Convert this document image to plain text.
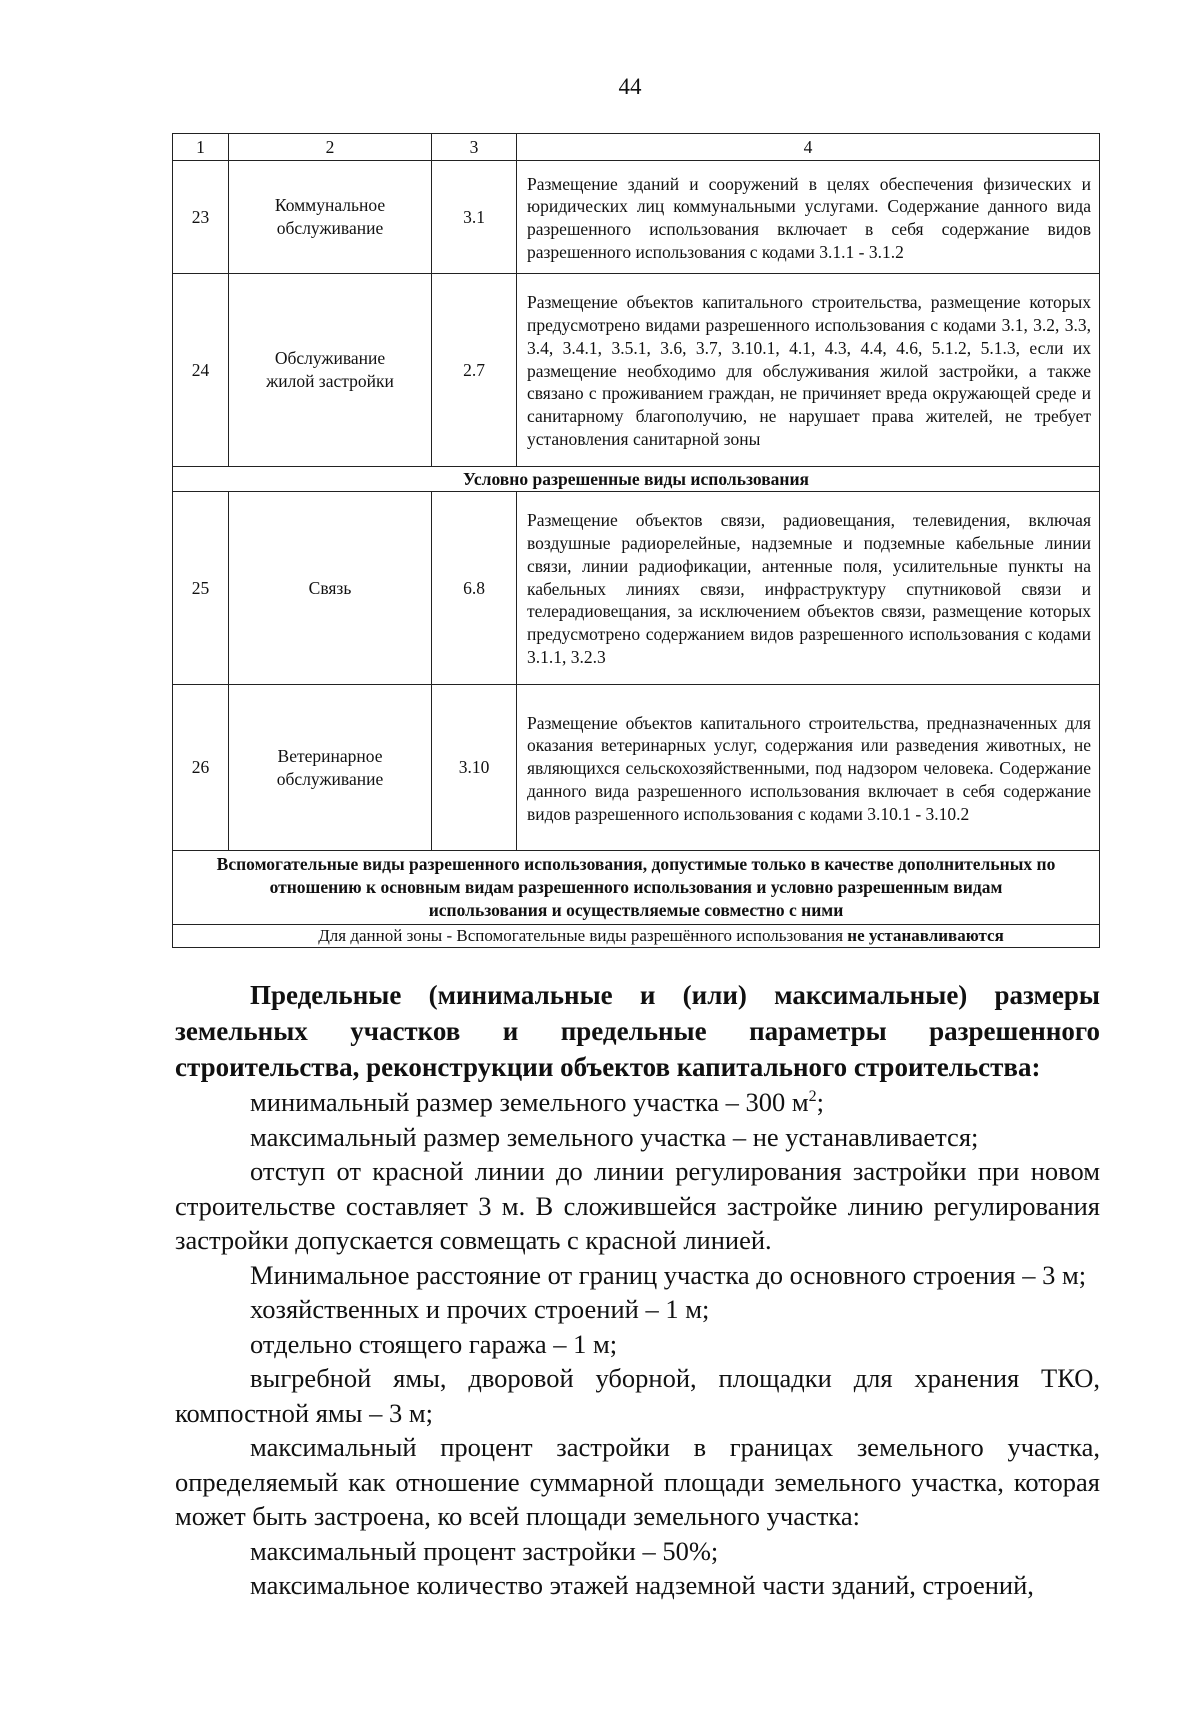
44
1	2	3	4
23	Коммунальное обслуживание	3.1	Размещение зданий и сооружений в целях обеспечения физических и юридических лиц коммунальными услугами. Содержание данного вида разрешенного использования включает в себя содержание видов разрешенного использования с кодами 3.1.1 - 3.1.2
24	Обслуживание жилой застройки	2.7	Размещение объектов капитального строительства, размещение которых предусмотрено видами разрешенного использования с кодами 3.1, 3.2, 3.3, 3.4, 3.4.1, 3.5.1, 3.6, 3.7, 3.10.1, 4.1, 4.3, 4.4, 4.6, 5.1.2, 5.1.3, если их размещение необходимо для обслуживания жилой застройки, а также связано с проживанием граждан, не причиняет вреда окружающей среде и санитарному благополучию, не нарушает права жителей, не требует установления санитарной зоны
Условно разрешенные виды использования			
25	Связь	6.8	Размещение объектов связи, радиовещания, телевидения, включая воздушные радиорелейные, надземные и подземные кабельные линии связи, линии радиофикации, антенные поля, усилительные пункты на кабельных линиях связи, инфраструктуру спутниковой связи и телерадиовещания, за исключением объектов связи, размещение которых предусмотрено содержанием видов разрешенного использования с кодами 3.1.1, 3.2.3
26	Ветеринарное обслуживание	3.10	Размещение объектов капитального строительства, предназначенных для оказания ветеринарных услуг, содержания или разведения животных, не являющихся сельскохозяйственными, под надзором человека. Содержание данного вида разрешенного использования включает в себя содержание видов разрешенного использования с кодами 3.10.1 - 3.10.2
Вспомогательные виды разрешенного использования, допустимые только в качестве дополнительных по отношению к основным видам разрешенного использования и условно разрешенным видам использования и осуществляемые совместно с ними			
Для данной зоны - Вспомогательные виды разрешённого использования не устанавливаются			
Предельные (минимальные и (или) максимальные) размеры земельных участков и предельные параметры разрешенного строительства, реконструкции объектов капитального строительства:

минимальный размер земельного участка – 300 $м^2$;

максимальный размер земельного участка – не устанавливается;

отступ от красной линии до линии регулирования застройки при новом строительстве составляет 3 м. В сложившейся застройке линию регулирования застройки допускается совмещать с красной линией.

Минимальное расстояние от границ участка до основного строения – 3 м;

хозяйственных и прочих строений – 1 м;

отдельно стоящего гаража – 1 м;

выгребной ямы, дворовой уборной, площадки для хранения ТКО, компостной ямы – 3 м;

максимальный процент застройки в границах земельного участка, определяемый как отношение суммарной площади земельного участка, которая может быть застроена, ко всей площади земельного участка:

максимальный процент застройки – 50%;

максимальное количество этажей надземной части зданий, строений,
